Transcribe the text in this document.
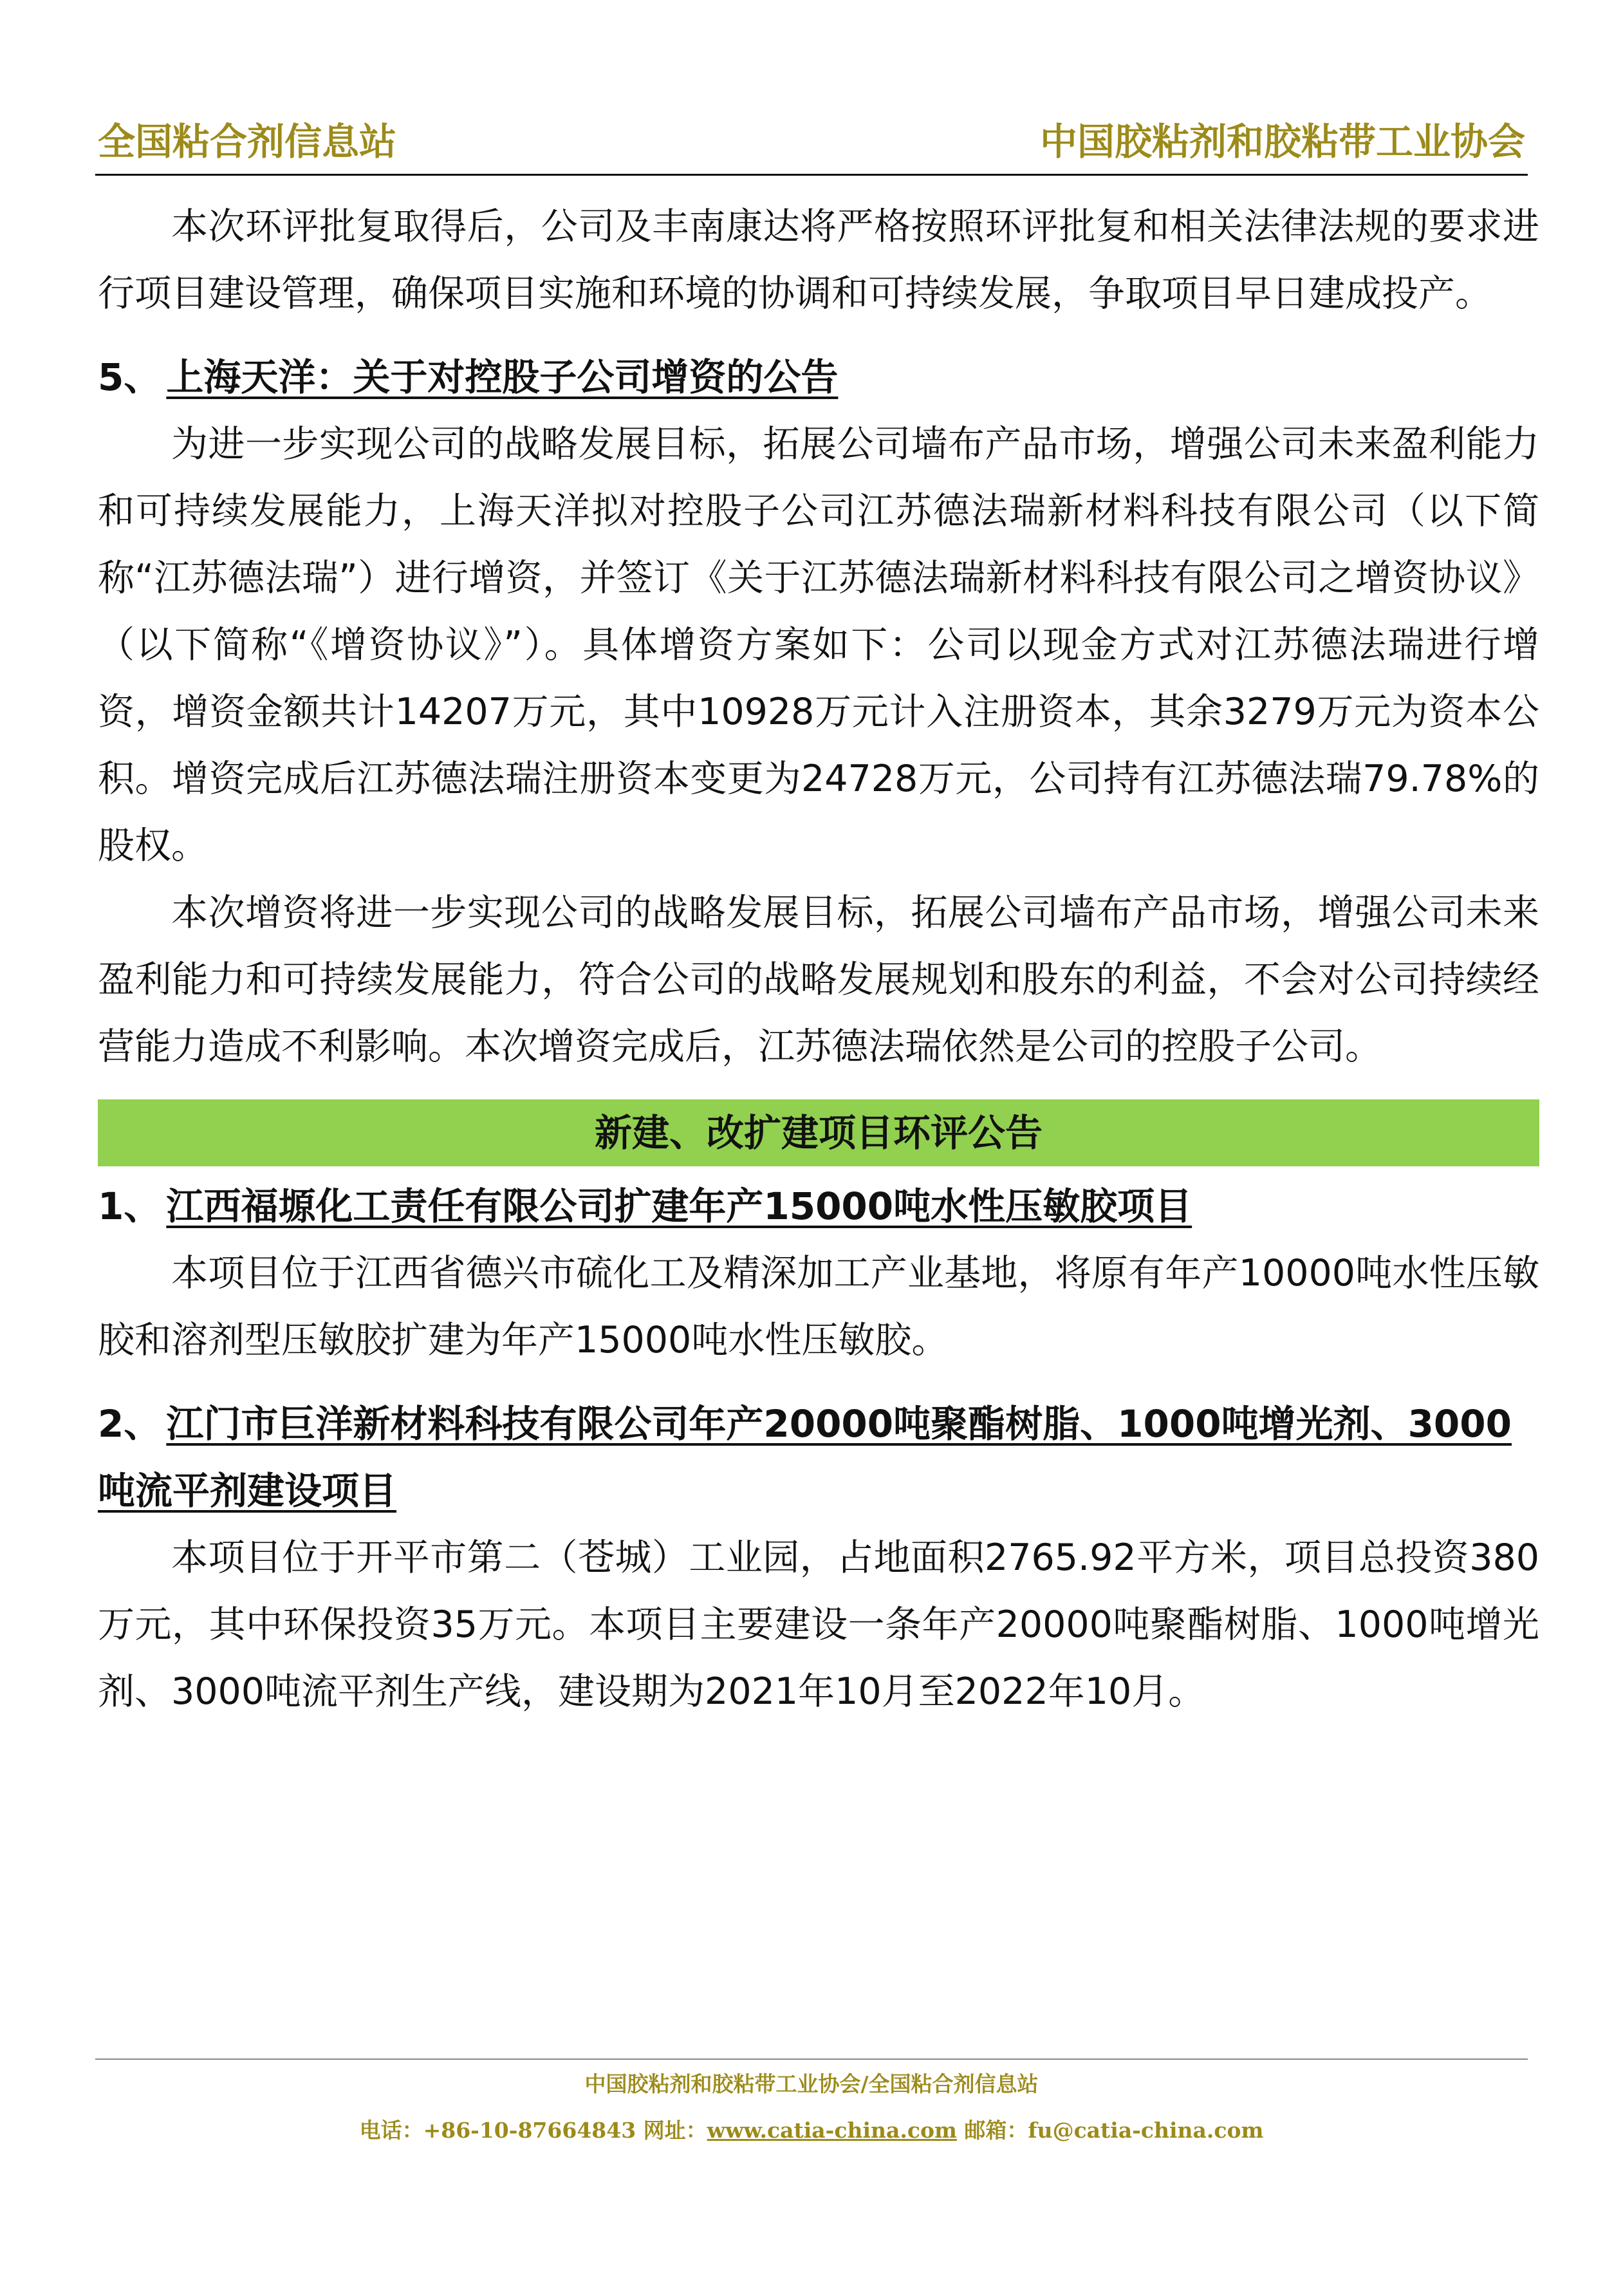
全国粘合剂信息站	中国胶粘剂和胶粘带工业协会

本次环评批复取得后，公司及丰南康达将严格按照环评批复和相关法律法规的要求进行项目建设管理，确保项目实施和环境的协调和可持续发展，争取项目早日建成投产。

5、 上海天洋：关于对控股子公司增资的公告

为进一步实现公司的战略发展目标，拓展公司墙布产品市场，增强公司未来盈利能力和可持续发展能力，上海天洋拟对控股子公司江苏德法瑞新材料科技有限公司（以下简称“江苏德法瑞”）进行增资，并签订《关于江苏德法瑞新材料科技有限公司之增资协议》（以下简称“《增资协议》”）。具体增资方案如下：公司以现金方式对江苏德法瑞进行增资，增资金额共计14207万元，其中10928万元计入注册资本，其余3279万元为资本公积。增资完成后江苏德法瑞注册资本变更为24728万元，公司持有江苏德法瑞79.78%的股权。

本次增资将进一步实现公司的战略发展目标，拓展公司墙布产品市场，增强公司未来盈利能力和可持续发展能力，符合公司的战略发展规划和股东的利益，不会对公司持续经营能力造成不利影响。本次增资完成后，江苏德法瑞依然是公司的控股子公司。

新建、改扩建项目环评公告

1、 江西福塬化工责任有限公司扩建年产15000吨水性压敏胶项目

本项目位于江西省德兴市硫化工及精深加工产业基地，将原有年产10000吨水性压敏胶和溶剂型压敏胶扩建为年产15000吨水性压敏胶。

2、 江门市巨洋新材料科技有限公司年产20000吨聚酯树脂、1000吨增光剂、3000吨流平剂建设项目

本项目位于开平市第二（苍城）工业园，占地面积2765.92平方米，项目总投资380万元，其中环保投资35万元。本项目主要建设一条年产20000吨聚酯树脂、1000吨增光剂、3000吨流平剂生产线，建设期为2021年10月至2022年10月。

中国胶粘剂和胶粘带工业协会/全国粘合剂信息站
电话：+86-10-87664843 网址：www.catia-china.com 邮箱：fu@catia-china.com
